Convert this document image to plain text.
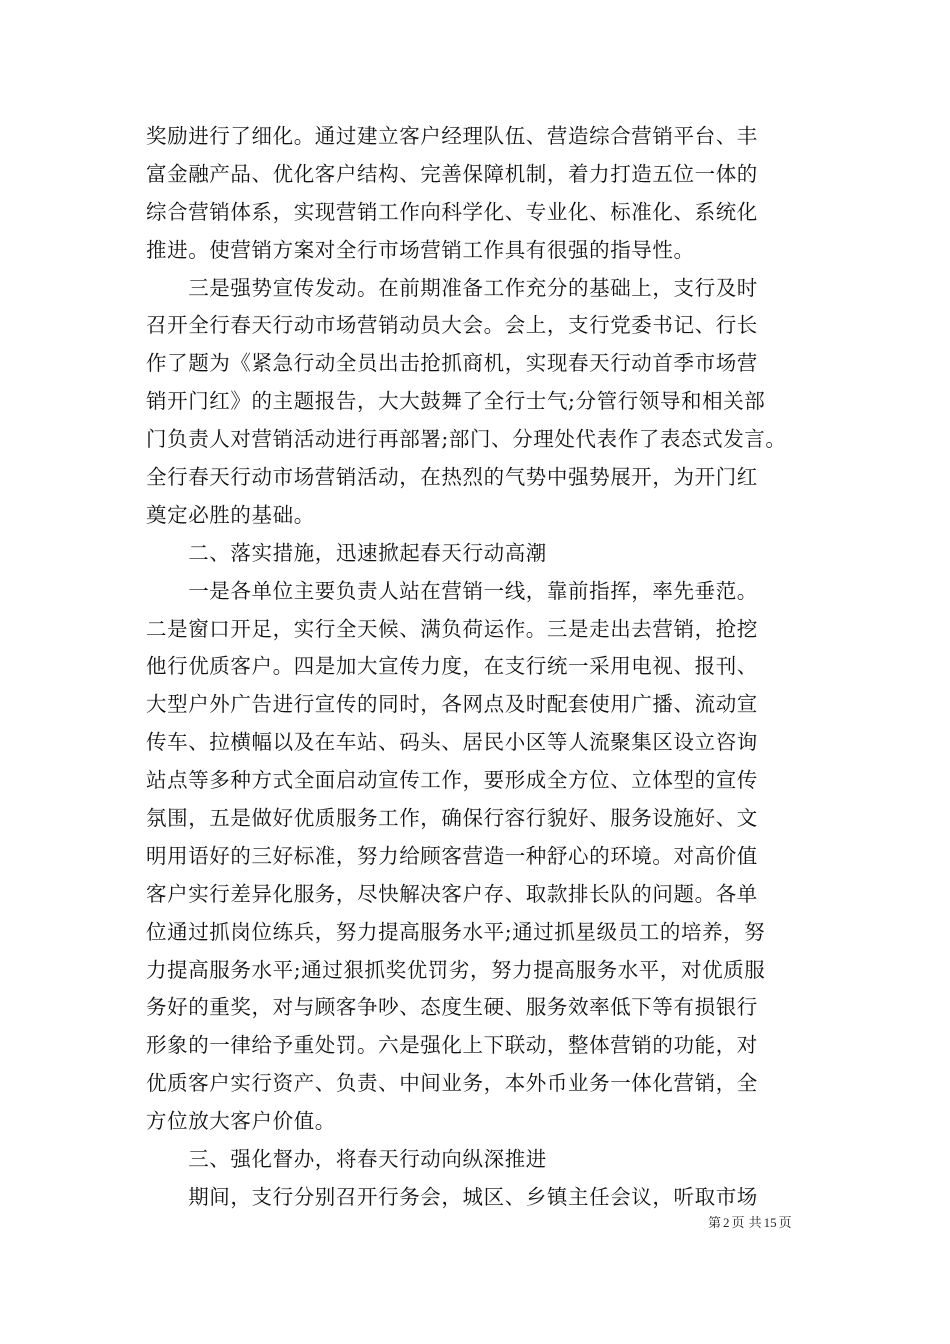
奖励进行了细化。通过建立客户经理队伍、营造综合营销平台、丰
富金融产品、优化客户结构、完善保障机制，着力打造五位一体的
综合营销体系，实现营销工作向科学化、专业化、标准化、系统化
推进。使营销方案对全行市场营销工作具有很强的指导性。
　　三是强势宣传发动。在前期准备工作充分的基础上，支行及时
召开全行春天行动市场营销动员大会。会上，支行党委书记、行长
作了题为《紧急行动全员出击抢抓商机，实现春天行动首季市场营
销开门红》的主题报告，大大鼓舞了全行士气;分管行领导和相关部
门负责人对营销活动进行再部署;部门、分理处代表作了表态式发言。
全行春天行动市场营销活动，在热烈的气势中强势展开，为开门红
奠定必胜的基础。
　　二、落实措施，迅速掀起春天行动高潮
　　一是各单位主要负责人站在营销一线，靠前指挥，率先垂范。
二是窗口开足，实行全天候、满负荷运作。三是走出去营销，抢挖
他行优质客户。四是加大宣传力度，在支行统一采用电视、报刊、
大型户外广告进行宣传的同时，各网点及时配套使用广播、流动宣
传车、拉横幅以及在车站、码头、居民小区等人流聚集区设立咨询
站点等多种方式全面启动宣传工作，要形成全方位、立体型的宣传
氛围，五是做好优质服务工作，确保行容行貌好、服务设施好、文
明用语好的三好标准，努力给顾客营造一种舒心的环境。对高价值
客户实行差异化服务，尽快解决客户存、取款排长队的问题。各单
位通过抓岗位练兵，努力提高服务水平;通过抓星级员工的培养，努
力提高服务水平;通过狠抓奖优罚劣，努力提高服务水平，对优质服
务好的重奖，对与顾客争吵、态度生硬、服务效率低下等有损银行
形象的一律给予重处罚。六是强化上下联动，整体营销的功能，对
优质客户实行资产、负责、中间业务，本外币业务一体化营销，全
方位放大客户价值。
　　三、强化督办，将春天行动向纵深推进
　　期间，支行分别召开行务会，城区、乡镇主任会议，听取市场
第 2 页 共 15 页
